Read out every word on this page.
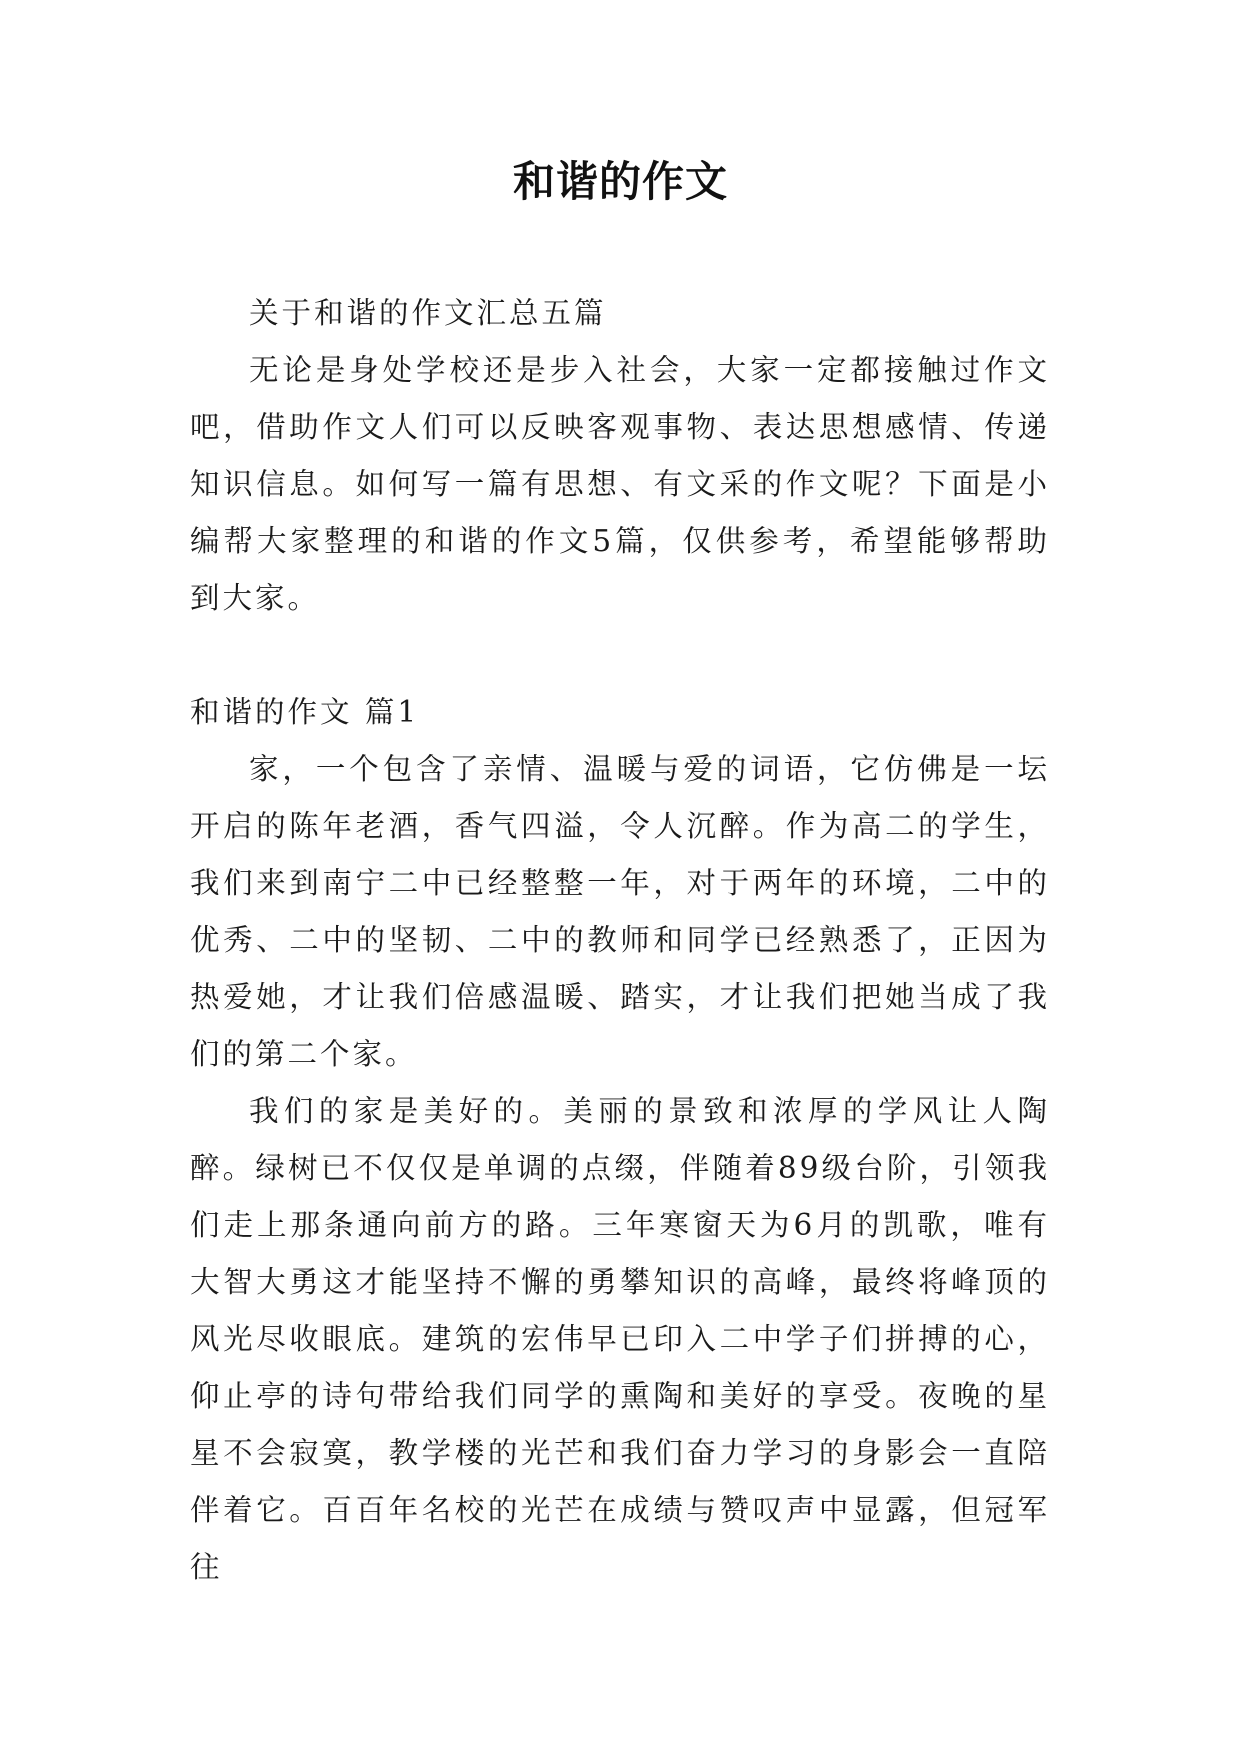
和谐的作文

关于和谐的作文汇总五篇

无论是身处学校还是步入社会，大家一定都接触过作文吧，借助作文人们可以反映客观事物、表达思想感情、传递知识信息。如何写一篇有思想、有文采的作文呢？下面是小编帮大家整理的和谐的作文5篇，仅供参考，希望能够帮助到大家。

和谐的作文 篇1

家，一个包含了亲情、温暖与爱的词语，它仿佛是一坛开启的陈年老酒，香气四溢，令人沉醉。作为高二的学生，我们来到南宁二中已经整整一年，对于两年的环境，二中的优秀、二中的坚韧、二中的教师和同学已经熟悉了，正因为热爱她，才让我们倍感温暖、踏实，才让我们把她当成了我们的第二个家。

我们的家是美好的。美丽的景致和浓厚的学风让人陶醉。绿树已不仅仅是单调的点缀，伴随着89级台阶，引领我们走上那条通向前方的路。三年寒窗天为6月的凯歌，唯有大智大勇这才能坚持不懈的勇攀知识的高峰，最终将峰顶的风光尽收眼底。建筑的宏伟早已印入二中学子们拼搏的心，仰止亭的诗句带给我们同学的熏陶和美好的享受。夜晚的星星不会寂寞，教学楼的光芒和我们奋力学习的身影会一直陪伴着它。百百年名校的光芒在成绩与赞叹声中显露，但冠军往
